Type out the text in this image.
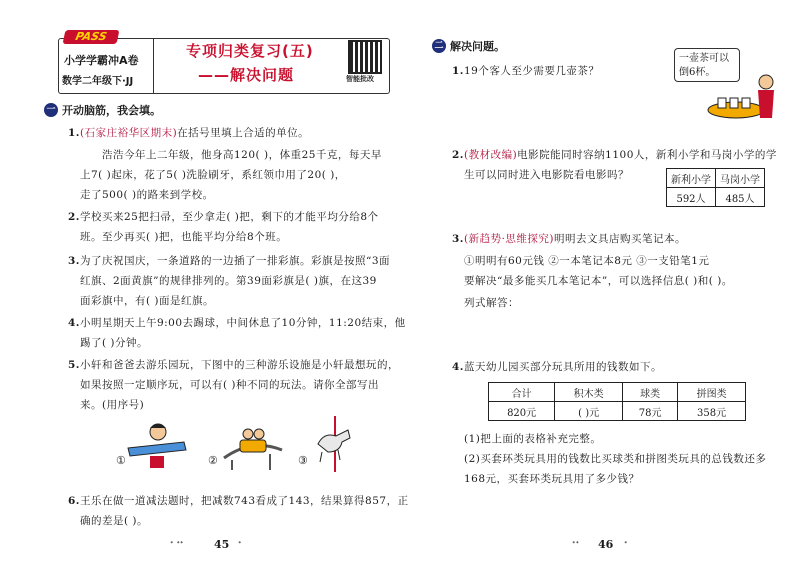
PASS
小学学霸冲A卷
数学二年级下·JJ
专项归类复习(五)
——解决问题	智能批改
一 开动脑筋，我会填。
1.(石家庄裕华区期末)在括号里填上合适的单位。
浩浩今年上二年级，他身高120( )，体重25千克，每天早
上7( )起床，花了5( )洗脸刷牙，系红领巾用了20( )，
走了500( )的路来到学校。
2.学校买来25把扫帚，至少拿走( )把，剩下的才能平均分给8个
班。至少再买( )把，也能平均分给8个班。
3.为了庆祝国庆，一条道路的一边插了一排彩旗。彩旗是按照“3面
红旗、2面黄旗”的规律排列的。第39面彩旗是( )旗，在这39
面彩旗中，有( )面是红旗。
4.小明星期天上午9:00去踢球，中间休息了10分钟，11:20结束，他
踢了( )分钟。
5.小轩和爸爸去游乐园玩，下图中的三种游乐设施是小轩最想玩的，
如果按照一定顺序玩，可以有( )种不同的玩法。请你全部写出
来。(用序号)
①	②	③
6.王乐在做一道减法题时，把减数743看成了143，结果算得857，正
确的差是( )。
ᐩ ᐩᐩ	45 ᐩ
二 解决问题。
1.19个客人至少需要几壶茶？
2.(教材改编)电影院能同时容纳1100人，新利小学和马岗小学的学
生可以同时进入电影院看电影吗？	新利小学	马岗小学
592人	485人
3.(新趋势·思维探究)明明去文具店购买笔记本。
①明明有60元钱 ②一本笔记本8元 ③一支铅笔1元
要解决“最多能买几本笔记本”，可以选择信息( )和( )。
列式解答：
4.蓝天幼儿园买部分玩具所用的钱数如下。
合计	积木类	球类	拼图类
820元	( )元	78元	358元
(1)把上面的表格补充完整。
(2)买套环类玩具用的钱数比买球类和拼图类玩具的总钱数还多
168元，买套环类玩具用了多少钱？
ᐩᐩ 46 ᐩ
一壶茶可以倒6杯。
